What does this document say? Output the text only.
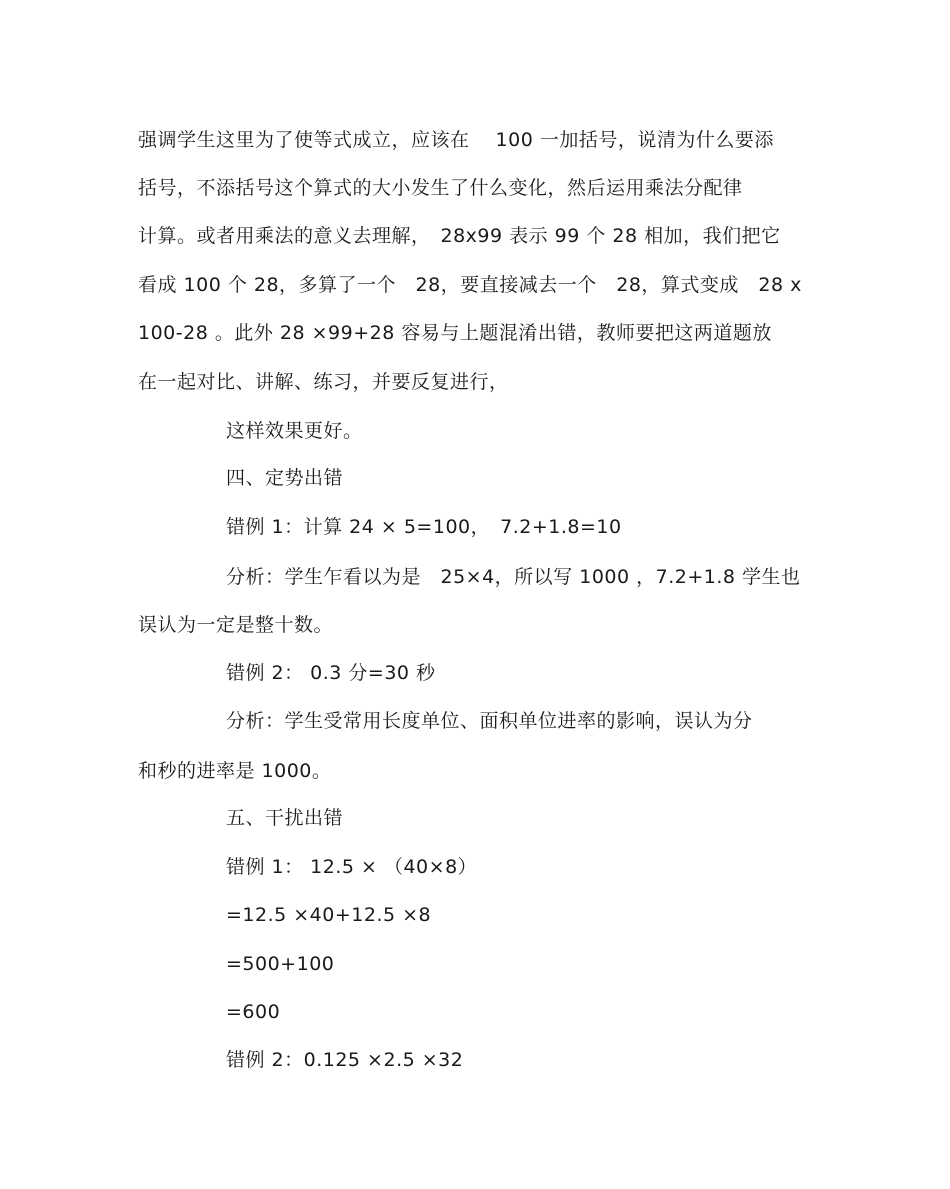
强调学生这里为了使等式成立，应该在　 100 一加括号，说清为什么要添
括号，不添括号这个算式的大小发生了什么变化，然后运用乘法分配律
计算。或者用乘法的意义去理解，　28x99 表示 99 个 28 相加，我们把它
看成 100 个 28，多算了一个　28，要直接减去一个　28，算式变成　28 x
100-28 。此外 28 ×99+28 容易与上题混淆出错，教师要把这两道题放
在一起对比、讲解、练习，并要反复进行，
这样效果更好。
四、定势出错
错例 1：计算 24 × 5=100，　7.2+1.8=10
分析：学生乍看以为是　25×4，所以写 1000 ，7.2+1.8 学生也
误认为一定是整十数。
错例 2： 0.3 分=30 秒
分析：学生受常用长度单位、面积单位进率的影响，误认为分
和秒的进率是 1000。
五、干扰出错
错例 1： 12.5 × （40×8）
=12.5 ×40+12.5 ×8
=500+100
=600
错例 2：0.125 ×2.5 ×32
